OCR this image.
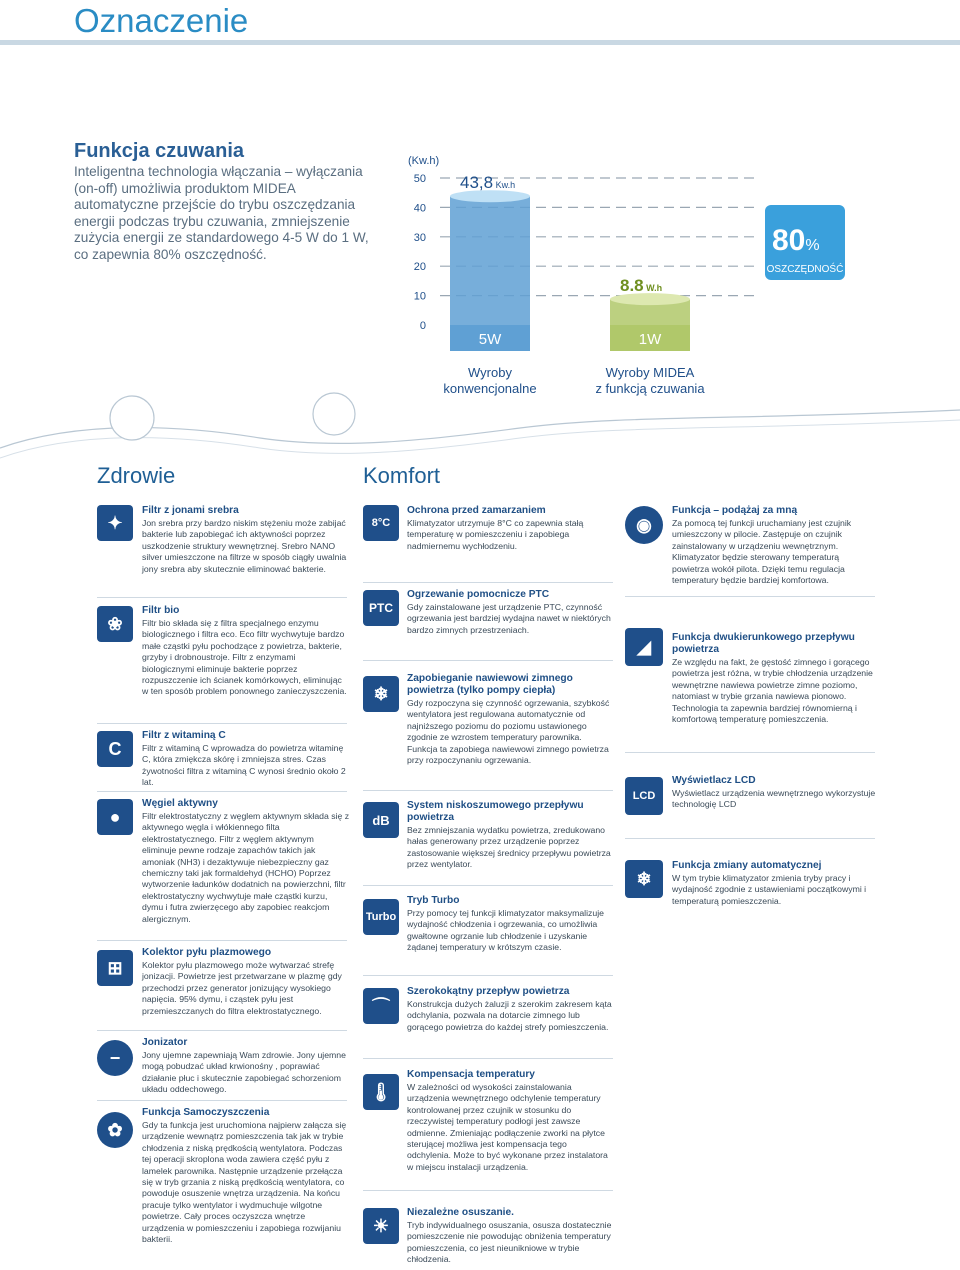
Oznaczenie
Funkcja czuwania
Inteligentna technologia włączania – wyłączania (on-off) umożliwia produktom MIDEA automatyczne przejście do trybu oszczędzania energii podczas trybu czuwania, zmniejszenie zużycia energii ze standardowego 4-5 W do 1 W, co zapewnia 80% oszczędność.
(Kw.h)
50
40
30
20
10
0
5W
43,8 Kw.h
Wyroby
konwencjonalne
1W
8.8 W.h
Wyroby MIDEA
z funkcją czuwania
80%
OSZCZĘDNOŚĆ
Zdrowie	Komfort
✦
Filtr z jonami srebra
Jon srebra przy bardzo niskim stężeniu może zabijać bakterie lub zapobiegać ich aktywności poprzez uszkodzenie struktury wewnętrznej. Srebro NANO silver umieszczone na filtrze w sposób ciągły uwalnia jony srebra aby skutecznie eliminować bakterie.
❀
Filtr bio
Filtr bio składa się z filtra specjalnego enzymu biologicznego i filtra eco. Eco filtr wychwytuje bardzo małe cząstki pyłu pochodzące z powietrza, bakterie, grzyby i drobnoustroje. Filtr z enzymami biologicznymi eliminuje bakterie poprzez rozpuszczenie ich ścianek komórkowych, eliminując w ten sposób problem ponownego zanieczyszczenia.
C
Filtr z witaminą C
Filtr z witaminą C wprowadza do powietrza witaminę C, która zmiękcza skórę i zmniejsza stres. Czas żywotności filtra z witaminą C wynosi średnio około 2 lat.
●
Węgiel aktywny
Filtr elektrostatyczny z węglem aktywnym składa się z aktywnego węgla i włókiennego filta elektrostatycznego. Filtr z węglem aktywnym eliminuje pewne rodzaje zapachów takich jak amoniak (NH3) i dezaktywuje niebezpieczny gaz chemiczny taki jak formaldehyd (HCHO) Poprzez wytworzenie ładunków dodatnich na powierzchni, filtr elektrostatyczny wychwytuje małe cząstki kurzu, dymu i futra zwierzęcego aby zapobiec reakcjom alergicznym.
⊞
Kolektor pyłu plazmowego
Kolektor pyłu plazmowego może wytwarzać strefę jonizacji. Powietrze jest przetwarzane w plazmę gdy przechodzi przez generator jonizujący wysokiego napięcia. 95% dymu, i cząstek pyłu jest przemieszczanych do filtra elektrostatycznego.
−
Jonizator
Jony ujemne zapewniają Wam zdrowie. Jony ujemne mogą pobudzać układ krwionośny , poprawiać działanie płuc i skutecznie zapobiegać schorzeniom układu oddechowego.
✿
Funkcja Samoczyszczenia
Gdy ta funkcja jest uruchomiona najpierw załącza się urządzenie wewnątrz pomieszczenia tak jak w trybie chłodzenia z niską prędkością wentylatora. Podczas tej operacji skroplona woda zawiera część pyłu z lamelek parownika. Następnie urządzenie przełącza się w tryb grzania z niską prędkością wentylatora, co powoduje osuszenie wnętrza urządzenia. Na końcu pracuje tylko wentylator i wydmuchuje wilgotne powietrze. Cały proces oczyszcza wnętrze urządzenia w pomieszczeniu i zapobiega rozwijaniu bakterii.
8°C
Ochrona przed zamarzaniem
Klimatyzator utrzymuje 8°C co zapewnia stałą temperaturę w pomieszczeniu i zapobiega nadmiernemu wychłodzeniu.
PTC
Ogrzewanie pomocnicze PTC
Gdy zainstalowane jest urządzenie PTC, czynność ogrzewania jest bardziej wydajna nawet w niektórych bardzo zimnych przestrzeniach.
❄
Zapobieganie nawiewowi zimnego powietrza (tylko pompy ciepła)
Gdy rozpoczyna się czynność ogrzewania, szybkość wentylatora jest regulowana automatycznie od najniższego poziomu do poziomu ustawionego zgodnie ze wzrostem temperatury parownika. Funkcja ta zapobiega nawiewowi zimnego powietrza przy rozpoczynaniu ogrzewania.
dB
System niskoszumowego przepływu powietrza
Bez zmniejszania wydatku powietrza, zredukowano hałas generowany przez urządzenie poprzez zastosowanie większej średnicy przepływu powietrza przez wentylator.
Turbo
Tryb Turbo
Przy pomocy tej funkcji klimatyzator maksymalizuje wydajność chłodzenia i ogrzewania, co umożliwia gwałtowne ogrzanie lub chłodzenie i uzyskanie żądanej temperatury w krótszym czasie.
⌒
Szerokokątny przepływ powietrza
Konstrukcja dużych żaluzji z szerokim zakresem kąta odchylania, pozwala na dotarcie zimnego lub gorącego powietrza do każdej strefy pomieszczenia.
🌡
Kompensacja temperatury
W zależności od wysokości zainstalowania urządzenia wewnętrznego odchylenie temperatury kontrolowanej przez czujnik w stosunku do rzeczywistej temperatury podłogi jest zawsze odmienne. Zmieniając podłączenie zworki na płytce sterującej możliwa jest kompensacja tego odchylenia. Może to być wykonane przez instalatora w miejscu instalacji urządzenia.
☀
Niezależne osuszanie.
Tryb indywidualnego osuszania, osusza dostatecznie pomieszczenie nie powodując obniżenia temperatury pomieszczenia, co jest nieunikniowe w trybie chłodzenia.
◉
Funkcja – podążaj za mną
Za pomocą tej funkcji uruchamiany jest czujnik umieszczony w pilocie. Zastępuje on czujnik zainstalowany w urządzeniu wewnętrznym. Klimatyzator będzie sterowany temperaturą powietrza wokół pilota. Dzięki temu regulacja temperatury będzie bardziej komfortowa.
◢ Funkcja dwukierunkowego przepływu powietrza
Ze względu na fakt, że gęstość zimnego i gorącego powietrza jest różna, w trybie chłodzenia urządzenie wewnętrzne nawiewa powietrze zimne poziomo, natomiast w trybie grzania nawiewa pionowo. Technologia ta zapewnia bardziej równomierną i komfortową temperaturę pomieszczenia.
LCD
Wyświetlacz LCD
Wyświetlacz urządzenia wewnętrznego wykorzystuje technologię LCD
❄
Funkcja zmiany automatycznej
W tym trybie klimatyzator zmienia tryby pracy i wydajność zgodnie z ustawieniami początkowymi i temperaturą pomieszczenia.
